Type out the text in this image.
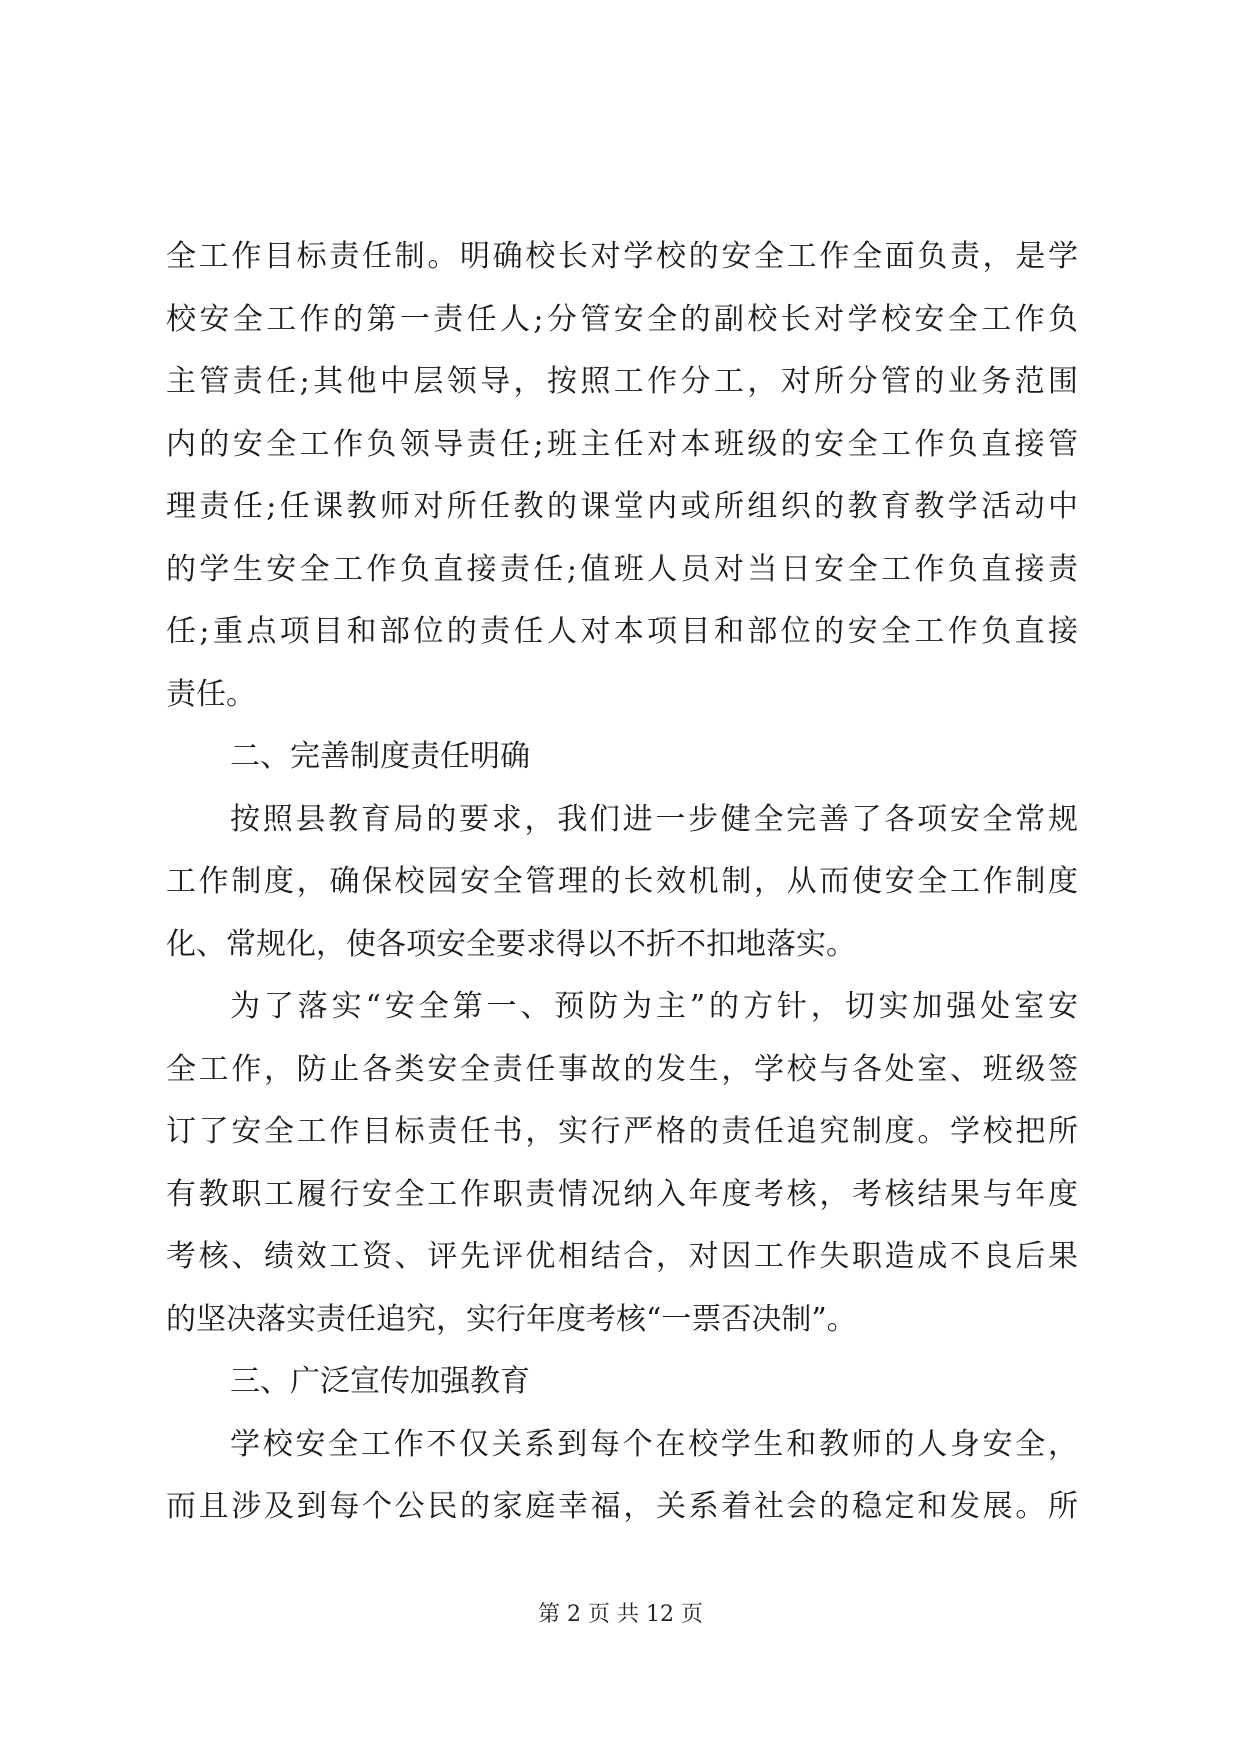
全工作目标责任制。明确校长对学校的安全工作全面负责，是学
校安全工作的第一责任人;分管安全的副校长对学校安全工作负
主管责任;其他中层领导，按照工作分工，对所分管的业务范围
内的安全工作负领导责任;班主任对本班级的安全工作负直接管
理责任;任课教师对所任教的课堂内或所组织的教育教学活动中
的学生安全工作负直接责任;值班人员对当日安全工作负直接责
任;重点项目和部位的责任人对本项目和部位的安全工作负直接
责任。
二、完善制度责任明确
按照县教育局的要求，我们进一步健全完善了各项安全常规
工作制度，确保校园安全管理的长效机制，从而使安全工作制度
化、常规化，使各项安全要求得以不折不扣地落实。
为了落实“安全第一、预防为主”的方针，切实加强处室安
全工作，防止各类安全责任事故的发生，学校与各处室、班级签
订了安全工作目标责任书，实行严格的责任追究制度。学校把所
有教职工履行安全工作职责情况纳入年度考核，考核结果与年度
考核、绩效工资、评先评优相结合，对因工作失职造成不良后果
的坚决落实责任追究，实行年度考核“一票否决制”。
三、广泛宣传加强教育
学校安全工作不仅关系到每个在校学生和教师的人身安全，
而且涉及到每个公民的家庭幸福，关系着社会的稳定和发展。所
第 2 页 共 12 页
